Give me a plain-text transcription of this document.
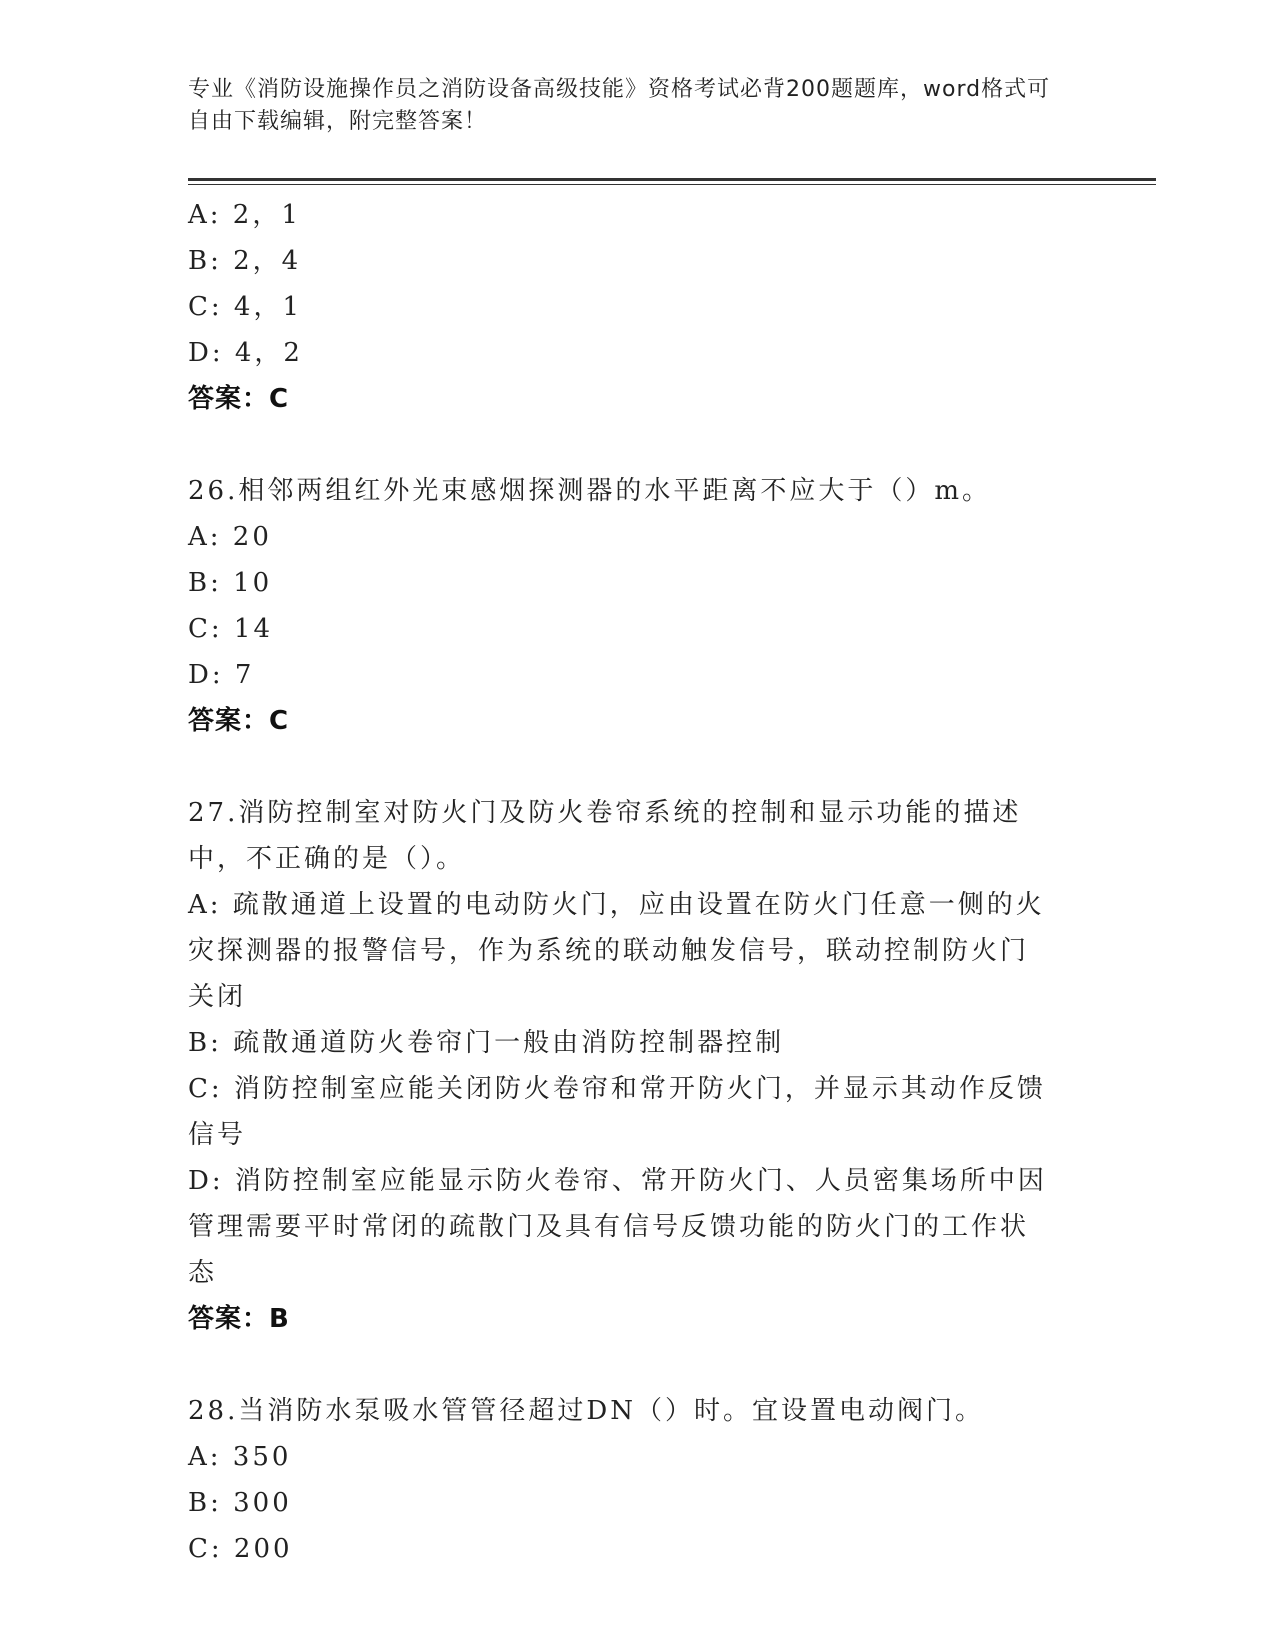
专业《消防设施操作员之消防设备高级技能》资格考试必背200题题库，word格式可自由下载编辑，附完整答案！
A: 2，1
B: 2，4
C: 4，1
D: 4，2
答案：C
26.相邻两组红外光束感烟探测器的水平距离不应大于（）m。
A: 20
B: 10
C: 14
D: 7
答案：C
27.消防控制室对防火门及防火卷帘系统的控制和显示功能的描述中，不正确的是（）。
A: 疏散通道上设置的电动防火门，应由设置在防火门任意一侧的火灾探测器的报警信号，作为系统的联动触发信号，联动控制防火门关闭
B: 疏散通道防火卷帘门一般由消防控制器控制
C: 消防控制室应能关闭防火卷帘和常开防火门，并显示其动作反馈信号
D: 消防控制室应能显示防火卷帘、常开防火门、人员密集场所中因管理需要平时常闭的疏散门及具有信号反馈功能的防火门的工作状态
答案：B
28.当消防水泵吸水管管径超过DN（）时。宜设置电动阀门。
A: 350
B: 300
C: 200
